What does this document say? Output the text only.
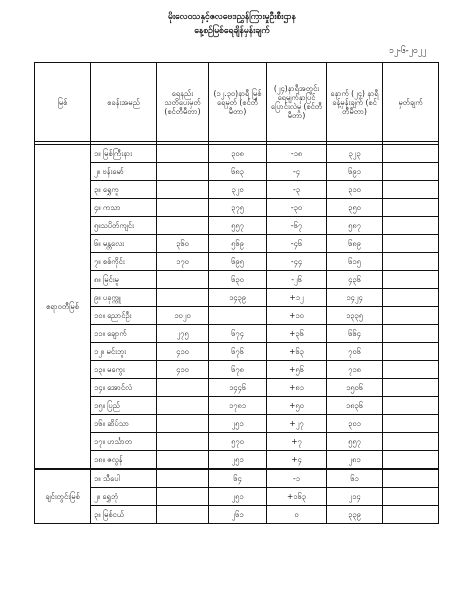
မိုးလေဝသနှင့်ဇလဗေဒညွှန်ကြားမှုဦးစီးဌာန
နေ့စဉ်မြစ်ရေချိန်မှန်းချက်
၁၂-၆-၂၀၂၂
မြစ်	စခန်းအမည်	ရေနည်း သတိပေးမှတ် (စင်တီမီတာ)	(၁၂.၃၀)နာရီ မြစ်ရေမှတ် (စင်တီမီတာ)	(၂၄)နာရီအတွင်း ရေမျက်နှာပြင် ပြောင်းလဲမှု (စင်တီမီတာ)	နောက် (၂၄) နာရီ ခန့်မှန်းချက် (စင်တီမီတာ)	မှတ်ချက်

ဧရာဝတီမြစ်	၁။ မြစ်ကြီးနား		၃၀၈	-၁၈	၃၂၃	
	၂။ ဗန်းမော်		၆၈၃	-၄	၆၉၁	
	၃။ ရွှေကူ		၃၂၀	-၃	၃၁၀	
	၄။ ကသာ		၃၇၅	-၃၀	၃၅၀	
	၅။သပိတ်ကျင်း		၅၅၇	-၆၇	၅၈၇	
	၆။ မန္တလေး	၃၆၀	၅၆၉	-၄၆	၆၈၉	
	၇။ စစ်ကိုင်း	၁၇၀	၆၉၅	-၄၄	၆၁၅	
	၈။ မြင်းမူ		၆၃၀	-၂၆	၄၃၆	
	၉။ ပခုက္ကူ		၁၄၃၉	+၁၂	၁၄၂၄	
	၁၀။ ညောင်ဦး	၁၀၂၀		+၁၀	၁၃၃၅	
	၁၁။ ချောက်	၂၇၅	၆၇၄	+၃၆	၆၆၄	
	၁၂။ မင်းဘူး	၄၁၀	၆၇၆	+၆၃	၇၀၆	
	၁၃။ မကွေး	၄၁၀	၆၇၈	+၅၆	၇၁၈	
	၁၄။ အောင်လံ		၁၄၄၆	+၈၁	၁၅၀၆	
	၁၅။ ပြည်		၁၇၈၁	+၅၀	၁၈၃၆	
	၁၆။ ဆိပ်သာ		၂၅၁	+၂၇	၃၀၁	
	၁၇။ ဟင်္သာတ		၅၇၀	+၇	၅၅၇	
	၁၈။ ဇလွန်		၂၅၁	+၄	၂၈၁	
ချင်းတွင်းမြစ်	၁။ သီပေါ		၆၄	-၁	၆၁	
	၂။ ရွှေဘုံ		၂၅၁	+၁၆၃	၂၁၄	
	၃။ မြစ်ငယ်		၂၆၁	၀	၃၃၉	
